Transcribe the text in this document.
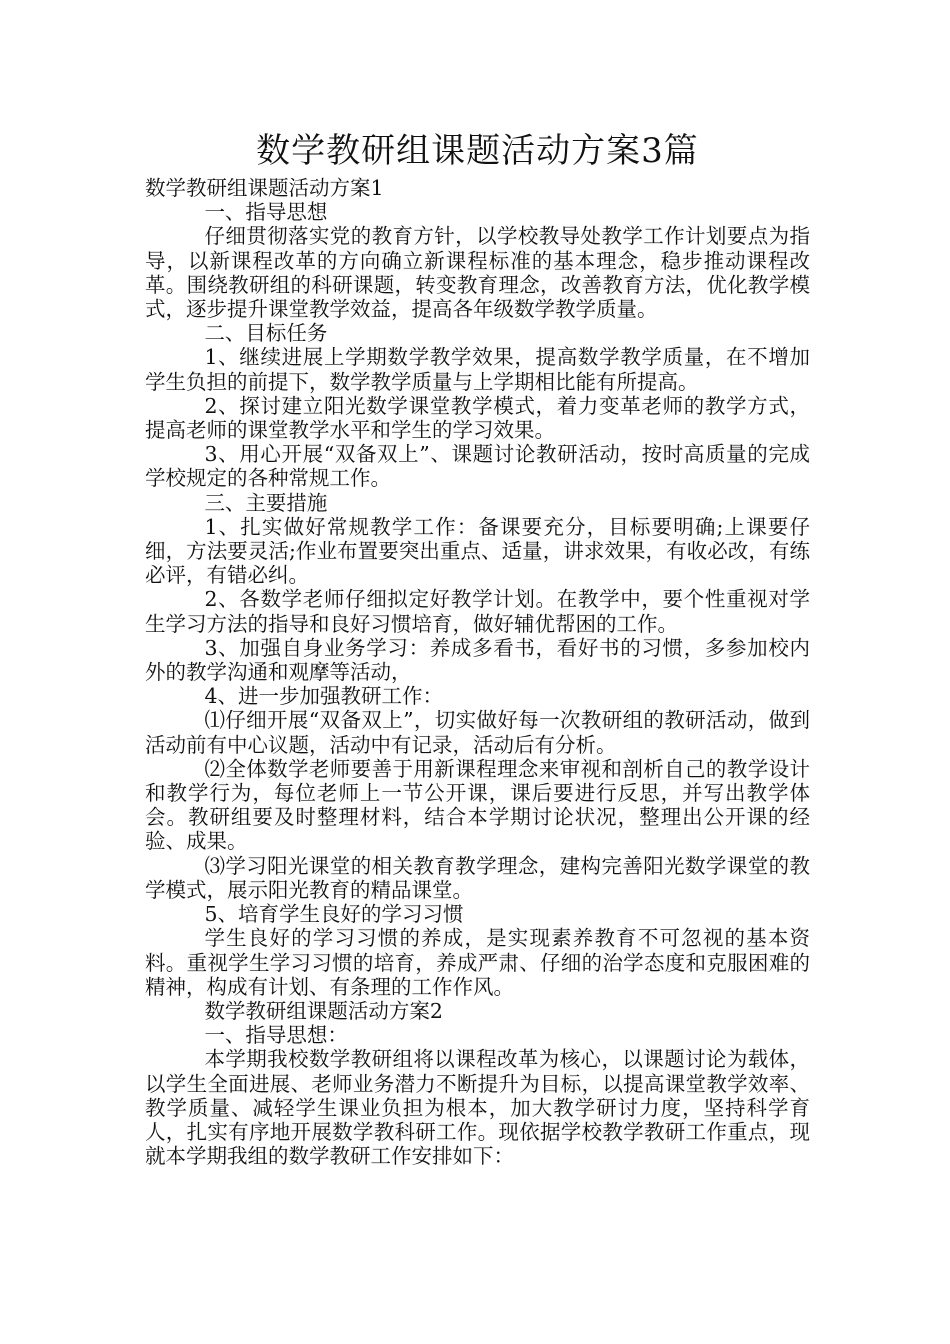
数学教研组课题活动方案3篇

数学教研组课题活动方案1

一、指导思想

仔细贯彻落实党的教育方针，以学校教导处教学工作计划要点为指导，以新课程改革的方向确立新课程标准的基本理念，稳步推动课程改革。围绕教研组的科研课题，转变教育理念，改善教育方法，优化教学模式，逐步提升课堂教学效益，提高各年级数学教学质量。

二、目标任务

1、继续进展上学期数学教学效果，提高数学教学质量，在不增加学生负担的前提下，数学教学质量与上学期相比能有所提高。

2、探讨建立阳光数学课堂教学模式，着力变革老师的教学方式，提高老师的课堂教学水平和学生的学习效果。

3、用心开展“双备双上”、课题讨论教研活动，按时高质量的完成学校规定的各种常规工作。

三、主要措施

1、扎实做好常规教学工作：备课要充分，目标要明确;上课要仔细，方法要灵活;作业布置要突出重点、适量，讲求效果，有收必改，有练必评，有错必纠。

2、各数学老师仔细拟定好教学计划。在教学中，要个性重视对学生学习方法的指导和良好习惯培育，做好辅优帮困的工作。

3、加强自身业务学习：养成多看书，看好书的习惯，多参加校内外的教学沟通和观摩等活动，

4、进一步加强教研工作：

⑴仔细开展“双备双上”，切实做好每一次教研组的教研活动，做到活动前有中心议题，活动中有记录，活动后有分析。

⑵全体数学老师要善于用新课程理念来审视和剖析自己的教学设计和教学行为，每位老师上一节公开课，课后要进行反思，并写出教学体会。教研组要及时整理材料，结合本学期讨论状况，整理出公开课的经验、成果。

⑶学习阳光课堂的相关教育教学理念，建构完善阳光数学课堂的教学模式，展示阳光教育的精品课堂。

5、培育学生良好的学习习惯

学生良好的学习习惯的养成，是实现素养教育不可忽视的基本资料。重视学生学习习惯的培育，养成严肃、仔细的治学态度和克服困难的精神，构成有计划、有条理的工作作风。

数学教研组课题活动方案2

一、指导思想：

本学期我校数学教研组将以课程改革为核心，以课题讨论为载体，以学生全面进展、老师业务潜力不断提升为目标，以提高课堂教学效率、教学质量、减轻学生课业负担为根本，加大教学研讨力度，坚持科学育人，扎实有序地开展数学教科研工作。现依据学校教学教研工作重点，现就本学期我组的数学教研工作安排如下：
